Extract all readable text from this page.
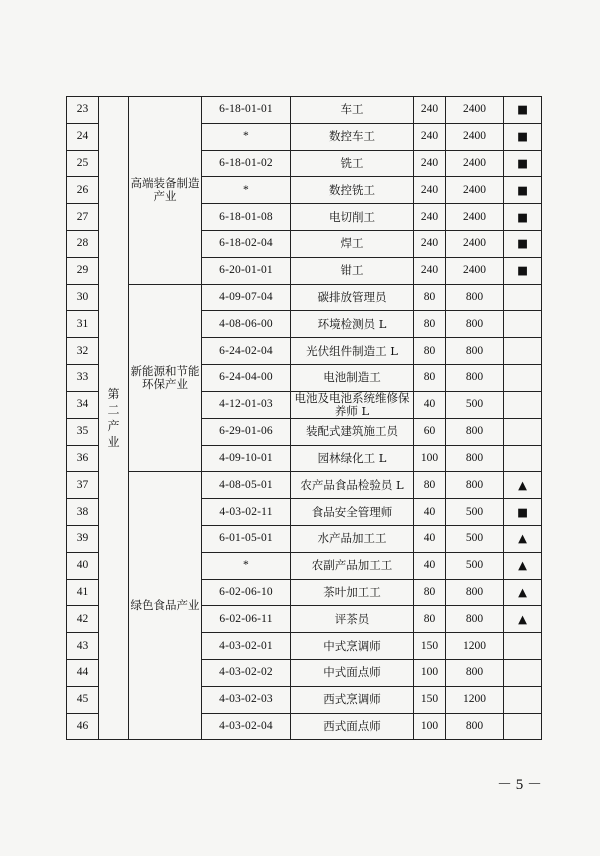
23	第二产业	高端装备制造产业	6-18-01-01	车工	240	2400	■
24			*	数控车工	240	2400	■
25			6-18-01-02	铣工	240	2400	■
26			*	数控铣工	240	2400	■
27			6-18-01-08	电切削工	240	2400	■
28			6-18-02-04	焊工	240	2400	■
29			6-20-01-01	钳工	240	2400	■
30		新能源和节能环保产业	4-09-07-04	碳排放管理员	80	800	
31			4-08-06-00	环境检测员 L	80	800	
32			6-24-02-04	光伏组件制造工 L	80	800	
33			6-24-04-00	电池制造工	80	800	
34			4-12-01-03	电池及电池系统维修保养师 L	40	500	
35			6-29-01-06	装配式建筑施工员	60	800	
36			4-09-10-01	园林绿化工 L	100	800	
37		绿色食品产业	4-08-05-01	农产品食品检验员 L	80	800	▲
38			4-03-02-11	食品安全管理师	40	500	■
39			6-01-05-01	水产品加工工	40	500	▲
40			*	农副产品加工工	40	500	▲
41			6-02-06-10	茶叶加工工	80	800	▲
42			6-02-06-11	评茶员	80	800	▲
43			4-03-02-01	中式烹调师	150	1200	
44			4-03-02-02	中式面点师	100	800	
45			4-03-02-03	西式烹调师	150	1200	
46			4-03-02-04	西式面点师	100	800	
－ 5 －
